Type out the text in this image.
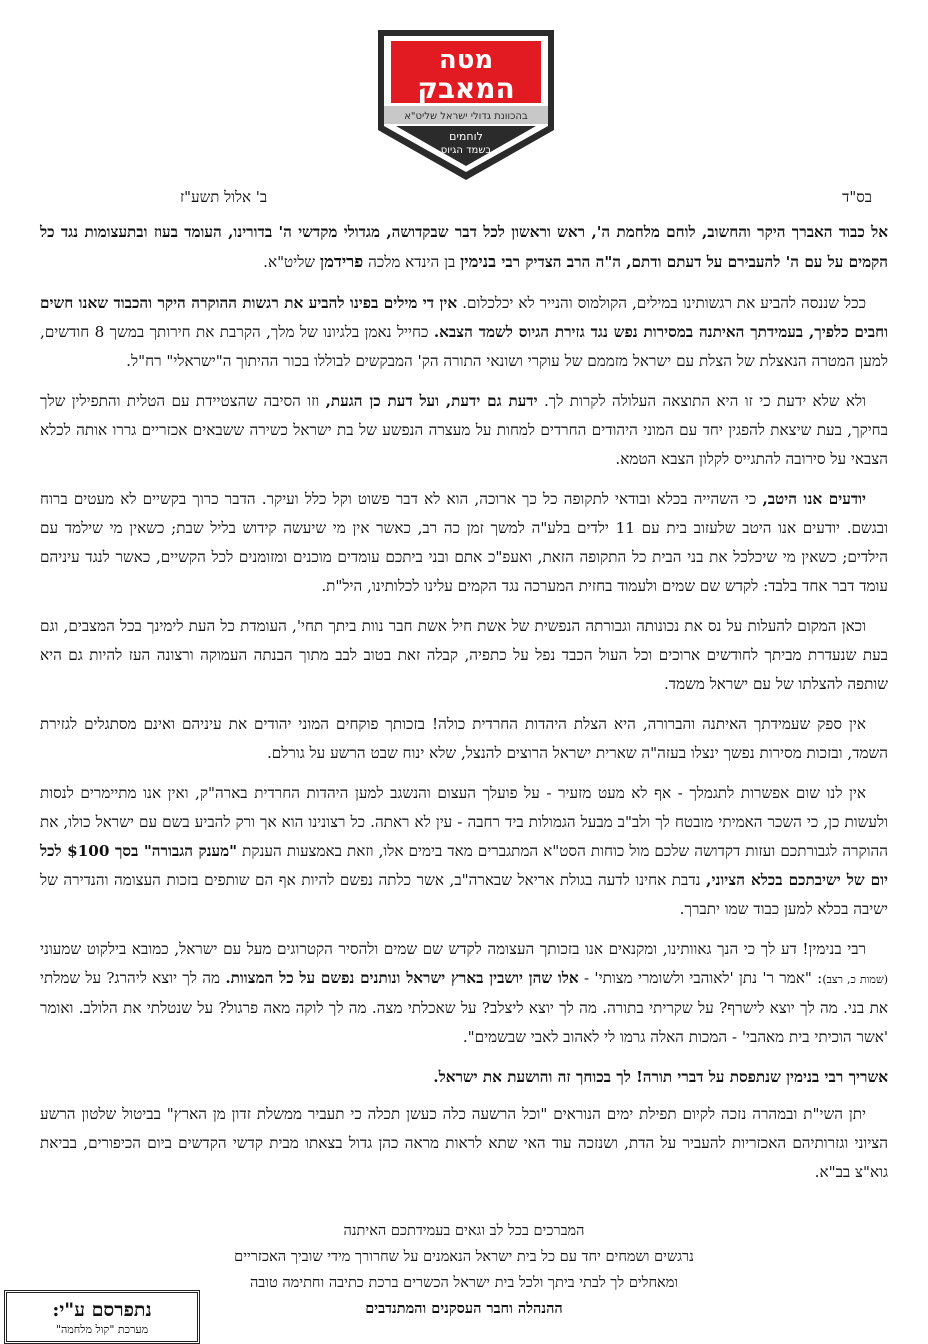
מטה
המאבק
בהכוונת גדולי ישראל שליט"א
לוחמים
בשמד הגיוס
בס"ד
ב' אלול תשע"ז

אל כבוד האברך היקר והחשוב, לוחם מלחמת ה', ראש וראשון לכל דבר שבקדושה, מגדולי מקדשי ה' בדורינו, העומד בעוז ובתעצומות נגד כל הקמים על עם ה' להעבירם על דעתם ודתם, ה"ה הרב הצדיק רבי בנימין בן הינדא מלכה פרידמן שליט"א.

ככל שננסה להביע את רגשותינו במילים, הקולמוס והנייר לא יכלכלום. אין די מילים בפינו להביע את רגשות ההוקרה היקר והכבוד שאנו חשים וחבים כלפיך, בעמידתך האיתנה במסירות נפש נגד גזירת הגיוס לשמד הצבא. כחייל נאמן בלגיונו של מלך, הקרבת את חירותך במשך 8 חודשים, למען המטרה הנאצלת של הצלת עם ישראל מזממם של עוקרי ושונאי התורה הק' המבקשים לבוללו בכור ההיתוך ה"ישראלי" רח"ל.

ולא שלא ידעת כי זו היא התוצאה העלולה לקרות לך. ידעת גם ידעת, ועל דעת כן הגעת, וזו הסיבה שהצטיידת עם הטלית והתפילין שלך בחיקך, בעת שיצאת להפגין יחד עם המוני היהודים החרדים למחות על מעצרה הנפשע של בת ישראל כשירה ששבאים אכזריים גררו אותה לכלא הצבאי על סירובה להתגייס לקלון הצבא הטמא.

יודעים אנו היטב, כי השהייה בכלא ובודאי לתקופה כל כך ארוכה, הוא לא דבר פשוט וקל כלל ועיקר. הדבר כרוך בקשיים לא מעטים ברוח ובגשם. יודעים אנו היטב שלעזוב בית עם 11 ילדים בלע"ה למשך זמן כה רב, כאשר אין מי שיעשה קידוש בליל שבת; כשאין מי שילמד עם הילדים; כשאין מי שיכלכל את בני הבית כל התקופה הזאת, ואעפ"כ אתם ובני ביתכם עומדים מוכנים ומזומנים לכל הקשיים, כאשר לנגד עיניהם עומד דבר אחד בלבד: לקדש שם שמים ולעמוד בחזית המערכה נגד הקמים עלינו לכלותינו, היל"ת.

וכאן המקום להעלות על נס את נכונותה וגבורתה הנפשית של אשת חיל אשת חבר נוות ביתך תחי', העומדת כל העת לימינך בכל המצבים, וגם בעת שנעדרת מביתך לחודשים ארוכים וכל העול הכבד נפל על כתפיה, קבלה זאת בטוב לבב מתוך הבנתה העמוקה ורצונה העז להיות גם היא שותפה להצלתו של עם ישראל משמד.

אין ספק שעמידתך האיתנה והברורה, היא הצלת היהדות החרדית כולה! בזכותך פוקחים המוני יהודים את עיניהם ואינם מסתגלים לגזירת השמד, ובזכות מסירות נפשך ינצלו בעזה"ה שארית ישראל הרוצים להנצל, שלא ינוח שבט הרשע על גורלם.

אין לנו שום אפשרות לתגמלך - אף לא מעט מזעיר - על פועלך העצום והנשגב למען היהדות החרדית בארה"ק, ואין אנו מתיימרים לנסות ולעשות כן, כי השכר האמיתי מובטח לך ולב"ב מבעל הגמולות ביד רחבה - עין לא ראתה. כל רצונינו הוא אך ורק להביע בשם עם ישראל כולו, את ההוקרה לגבורתכם ועזות דקדושה שלכם מול כוחות הסט"א המתגברים מאד בימים אלו, וזאת באמצעות הענקת "מענק הגבורה" בסך $100 לכל יום של ישיבתכם בכלא הציוני, נדבת אחינו לדעה בגולת אריאל שבארה"ב, אשר כלתה נפשם להיות אף הם שותפים בזכות העצומה והנדירה של ישיבה בכלא למען כבוד שמו יתברך.

רבי בנימין! דע לך כי הנך גאוותינו, ומקנאים אנו בזכותך העצומה לקדש שם שמים ולהסיר הקטרוגים מעל עם ישראל, כמובא בילקוט שמעוני (שמות כ, רצב): "אמר ר' נתן 'לאוהבי ולשומרי מצותי' - אלו שהן יושבין בארץ ישראל ונותנים נפשם על כל המצוות. מה לך יוצא ליהרג? על שמלתי את בני. מה לך יוצא לישרף? על שקריתי בתורה. מה לך יוצא ליצלב? על שאכלתי מצה. מה לך לוקה מאה פרגול? על שנטלתי את הלולב. ואומר 'אשר הוכיתי בית מאהבי' - המכות האלה גרמו לי לאהוב לאבי שבשמים".

אשריך רבי בנימין שנתפסת על דברי תורה! לך בכוחך זה והושעת את ישראל.

יתן השי"ת ובמהרה נזכה לקיום תפילת ימים הנוראים "וכל הרשעה כלה כעשן תכלה כי תעביר ממשלת זדון מן הארץ" בביטול שלטון הרשע הציוני וגזרותיהם האכזריות להעביר על הדת, ושנזכה עוד האי שתא לראות מראה כהן גדול בצאתו מבית קדשי הקדשים ביום הכיפורים, בביאת גוא"צ בב"א.

המברכים בכל לב וגאים בעמידתכם האיתנה
נרגשים ושמחים יחד עם כל בית ישראל הנאמנים על שחרורך מידי שוביך האכזריים
ומאחלים לך לבתי ביתך ולכל בית ישראל הכשרים ברכת כתיבה וחתימה טובה
ההנהלה וחבר העסקנים והמתנדבים
נתפרסם ע"י:
מערכת "קול מלחמה"
